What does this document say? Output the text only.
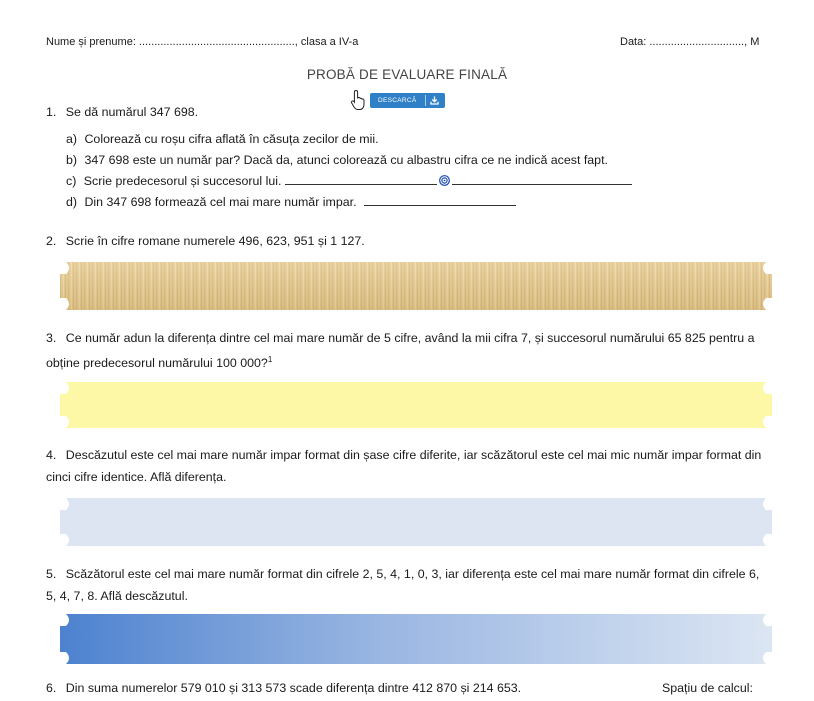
Nume și prenume: ..................................................., clasa a IV-a	Data: ..............................., M
PROBĂ DE EVALUARE FINALĂ
DESCARCĂ
1. Se dă numărul 347 698.
a) Colorează cu roșu cifra aflată în căsuța zecilor de mii.
b) 347 698 este un număr par? Dacă da, atunci colorează cu albastru cifra ce ne indică acest fapt.
c) Scrie predecesorul și succesorul lui.
d) Din 347 698 formează cel mai mare număr impar.
2. Scrie în cifre romane numerele 496, 623, 951 și 1 127.
3. Ce număr adun la diferența dintre cel mai mare număr de 5 cifre, având la mii cifra 7, și succesorul numărului 65 825 pentru a obține predecesorul numărului 100 000?$^1$
4. Descăzutul este cel mai mare număr impar format din șase cifre diferite, iar scăzătorul este cel mai mic număr impar format din cinci cifre identice. Află diferența.
5. Scăzătorul este cel mai mare număr format din cifrele 2, 5, 4, 1, 0, 3, iar diferența este cel mai mare număr format din cifrele 6, 5, 4, 7, 8. Află descăzutul.
6. Din suma numerelor 579 010 și 313 573 scade diferența dintre 412 870 și 214 653.	Spațiu de calcul:
